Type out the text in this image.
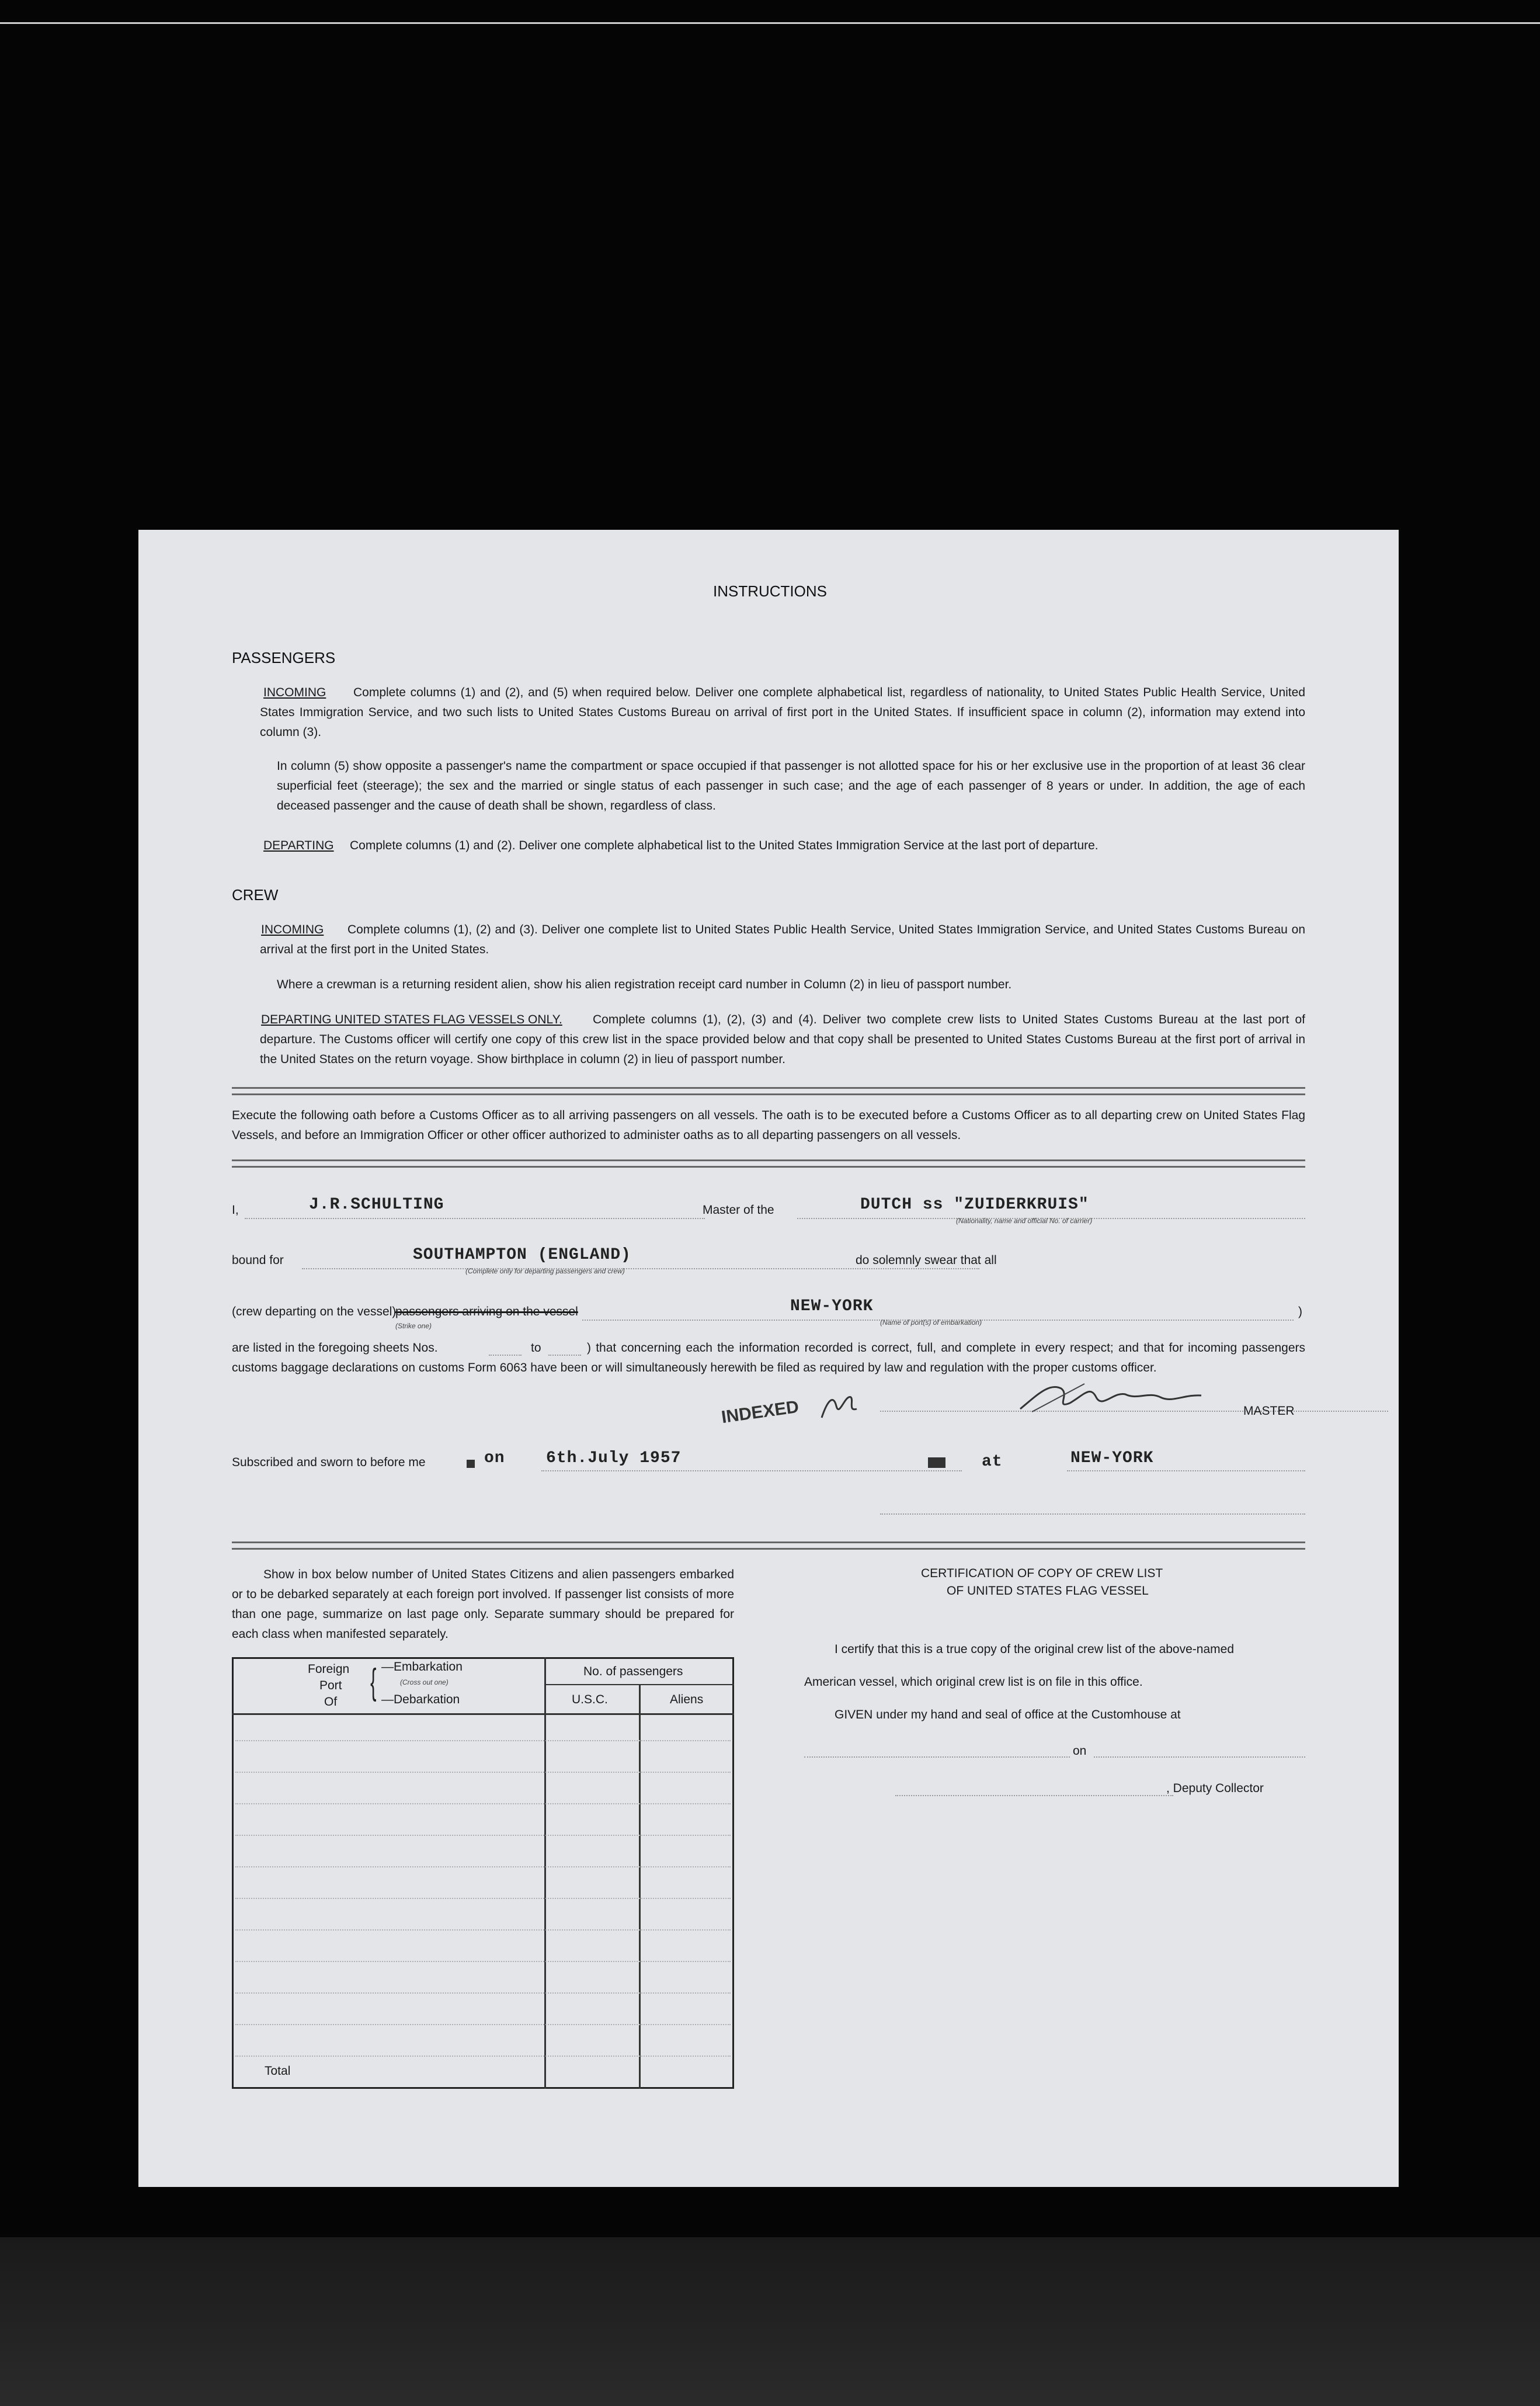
INSTRUCTIONS
PASSENGERS
INCOMING	Complete columns (1) and (2), and (5) when required below. Deliver one complete alphabetical list, regardless of nationality, to United States Public Health Service, United States Immigration Service, and two such lists to United States Customs Bureau on arrival of first port in the United States. If insufficient space in column (2), information may extend into column (3).
In column (5) show opposite a passenger's name the compartment or space occupied if that passenger is not allotted space for his or her exclusive use in the proportion of at least 36 clear superficial feet (steerage); the sex and the married or single status of each passenger in such case; and the age of each passenger of 8 years or under. In addition, the age of each deceased passenger and the cause of death shall be shown, regardless of class.
DEPARTING Complete columns (1) and (2). Deliver one complete alphabetical list to the United States Immigration Service at the last port of departure.
CREW
INCOMING	Complete columns (1), (2) and (3). Deliver one complete list to United States Public Health Service, United States Immigration Service, and United States Customs Bureau on arrival at the first port in the United States.
Where a crewman is a returning resident alien, show his alien registration receipt card number in Column (2) in lieu of passport number.
DEPARTING UNITED STATES FLAG VESSELS ONLY.	Complete columns (1), (2), (3) and (4). Deliver two complete crew lists to United States Customs Bureau at the last port of departure. The Customs officer will certify one copy of this crew list in the space provided below and that copy shall be presented to United States Customs Bureau at the first port of arrival in the United States on the return voyage. Show birthplace in column (2) in lieu of passport number.
Execute the following oath before a Customs Officer as to all arriving passengers on all vessels. The oath is to be executed before a Customs Officer as to all departing crew on United States Flag Vessels, and before an Immigration Officer or other officer authorized to administer oaths as to all departing passengers on all vessels.
I,	J.R.SCHULTING	Master of the	DUTCH ss "ZUIDERKRUIS"
(Nationality, name and official No. of carrier)
bound for	SOUTHAMPTON (ENGLAND)
(Complete only for departing passengers and crew)
do solemnly swear that all
(crew departing on the vessel)
passengers arriving on the vessel
(Strike one)
NEW-YORK
(Name of port(s) of embarkation)
)
are listed in the foregoing sheets Nos.	to	) that concerning each the information recorded is correct, full, and complete in every respect; and that for incoming passengers customs baggage declarations on customs Form 6063 have been or will simultaneously herewith be filed as required by law and regulation with the proper customs officer.
MASTER
INDEXED
Subscribed and sworn to before me	on	6th.July 1957	at	NEW-YORK
Show in box below number of United States Citizens and alien passengers embarked or to be debarked separately at each foreign port involved. If passenger list consists of more than one page, summarize on last page only. Separate summary should be prepared for each class when manifested separately.
Foreign
Port
Of { —Embarkation
(Cross out one)
—Debarkation
No. of passengers
U.S.C.	Aliens
Total
CERTIFICATION OF COPY OF CREW LIST
OF UNITED STATES FLAG VESSEL
I certify that this is a true copy of the original crew list of the above-named
American vessel, which original crew list is on file in this office.
GIVEN under my hand and seal of office at the Customhouse at
on
, Deputy Collector
